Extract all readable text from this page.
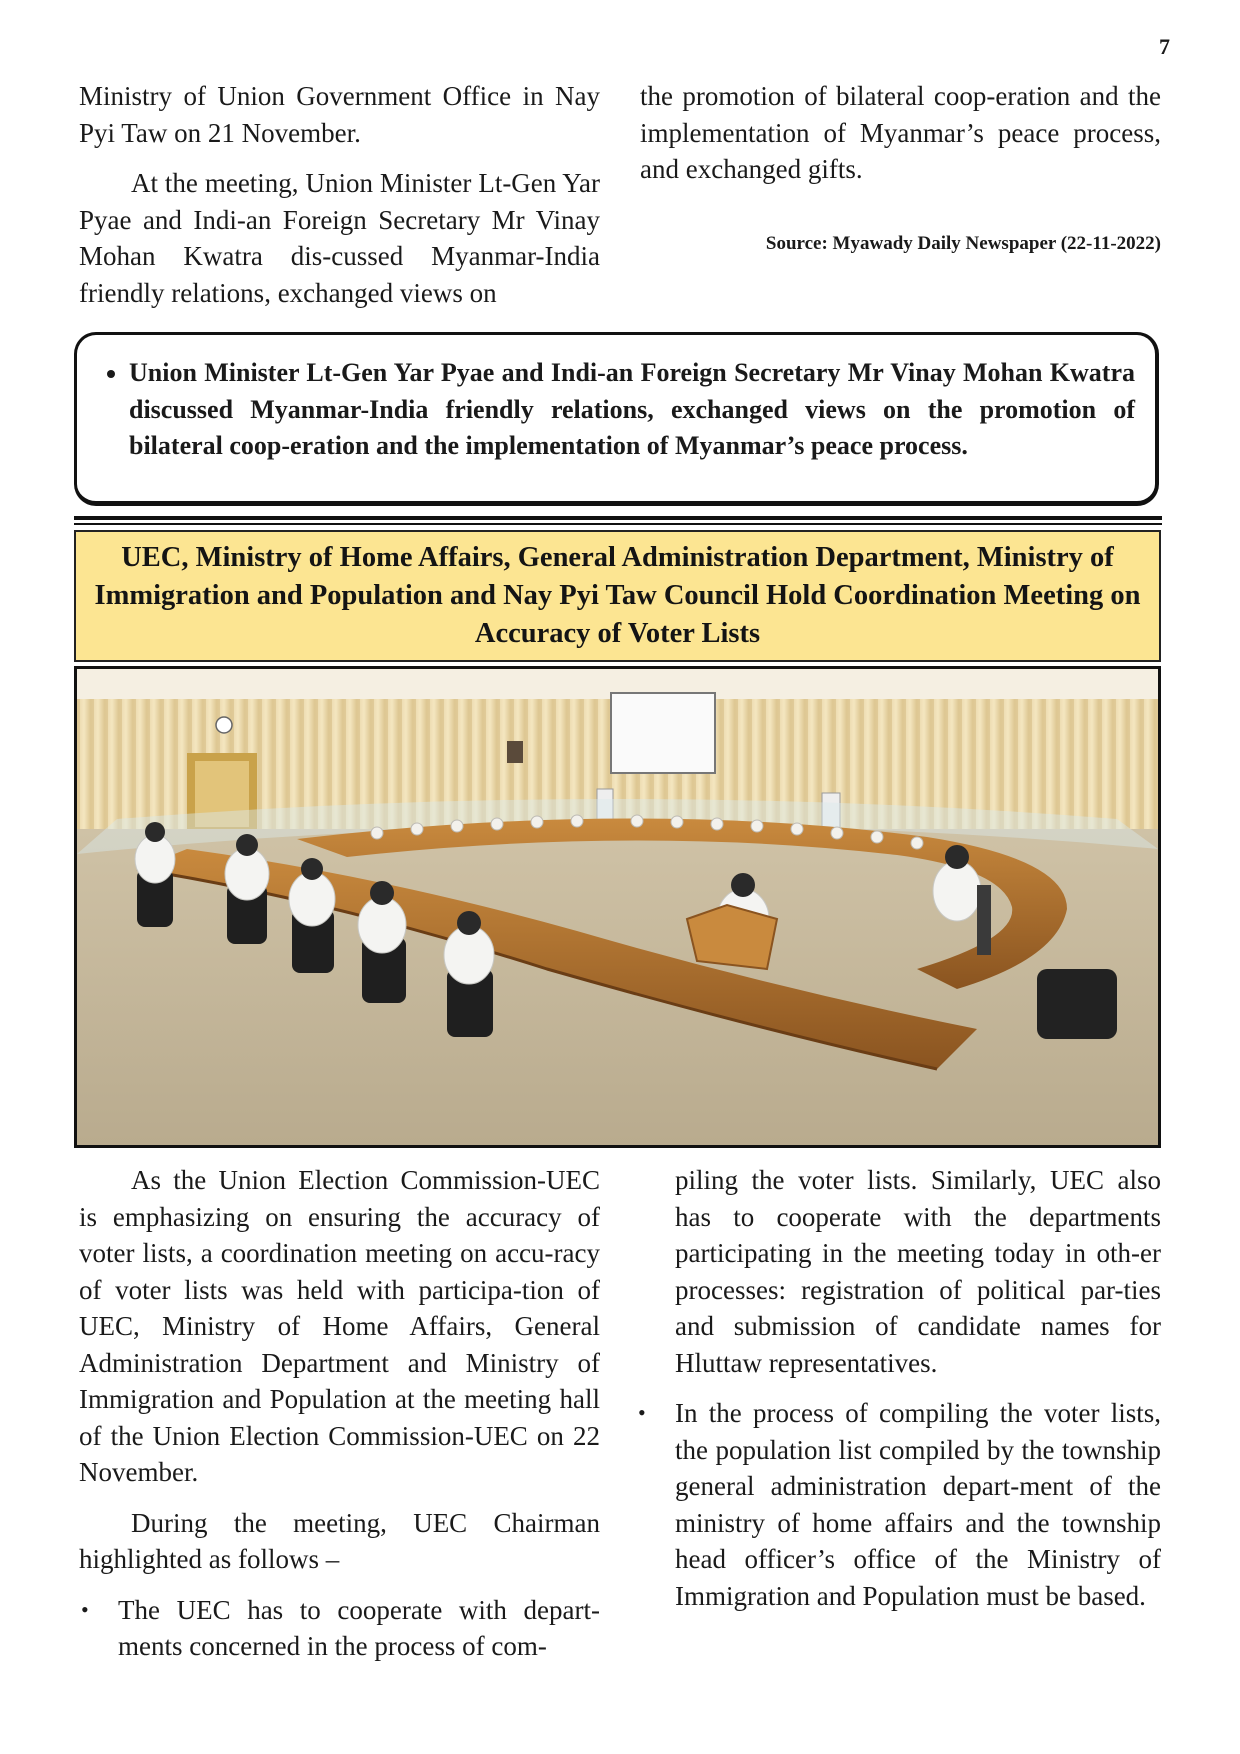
7

Ministry of Union Government Office in Nay Pyi Taw on 21 November.

At the meeting, Union Minister Lt-Gen Yar Pyae and Indi-an Foreign Secretary Mr Vinay Mohan Kwatra dis-cussed Myanmar-India friendly relations, exchanged views on

the promotion of bilateral coop-eration and the implementation of Myanmar’s peace process, and exchanged gifts.

Source: Myawady Daily Newspaper (22-11-2022)

• Union Minister Lt-Gen Yar Pyae and Indi-an Foreign Secretary Mr Vinay Mohan Kwatra discussed Myanmar-India friendly relations, exchanged views on the promotion of bilateral coop-eration and the implementation of Myanmar’s peace process.
UEC, Ministry of Home Affairs, General Administration Department, Ministry of Immigration and Population and Nay Pyi Taw Council Hold Coordination Meeting on Accuracy of Voter Lists

As the Union Election Commission-UEC is emphasizing on ensuring the accuracy of voter lists, a coordination meeting on accu-racy of voter lists was held with participa-tion of UEC, Ministry of Home Affairs, General Administration Department and Ministry of Immigration and Population at the meeting hall of the Union Election Commission-UEC on 22 November.

During the meeting, UEC Chairman highlighted as follows –

• The UEC has to cooperate with depart-ments concerned in the process of com-

piling the voter lists. Similarly, UEC also has to cooperate with the departments participating in the meeting today in oth-er processes: registration of political par-ties and submission of candidate names for Hluttaw representatives.

• In the process of compiling the voter lists, the population list compiled by the township general administration depart-ment of the ministry of home affairs and the township head officer’s office of the Ministry of Immigration and Population must be based.
